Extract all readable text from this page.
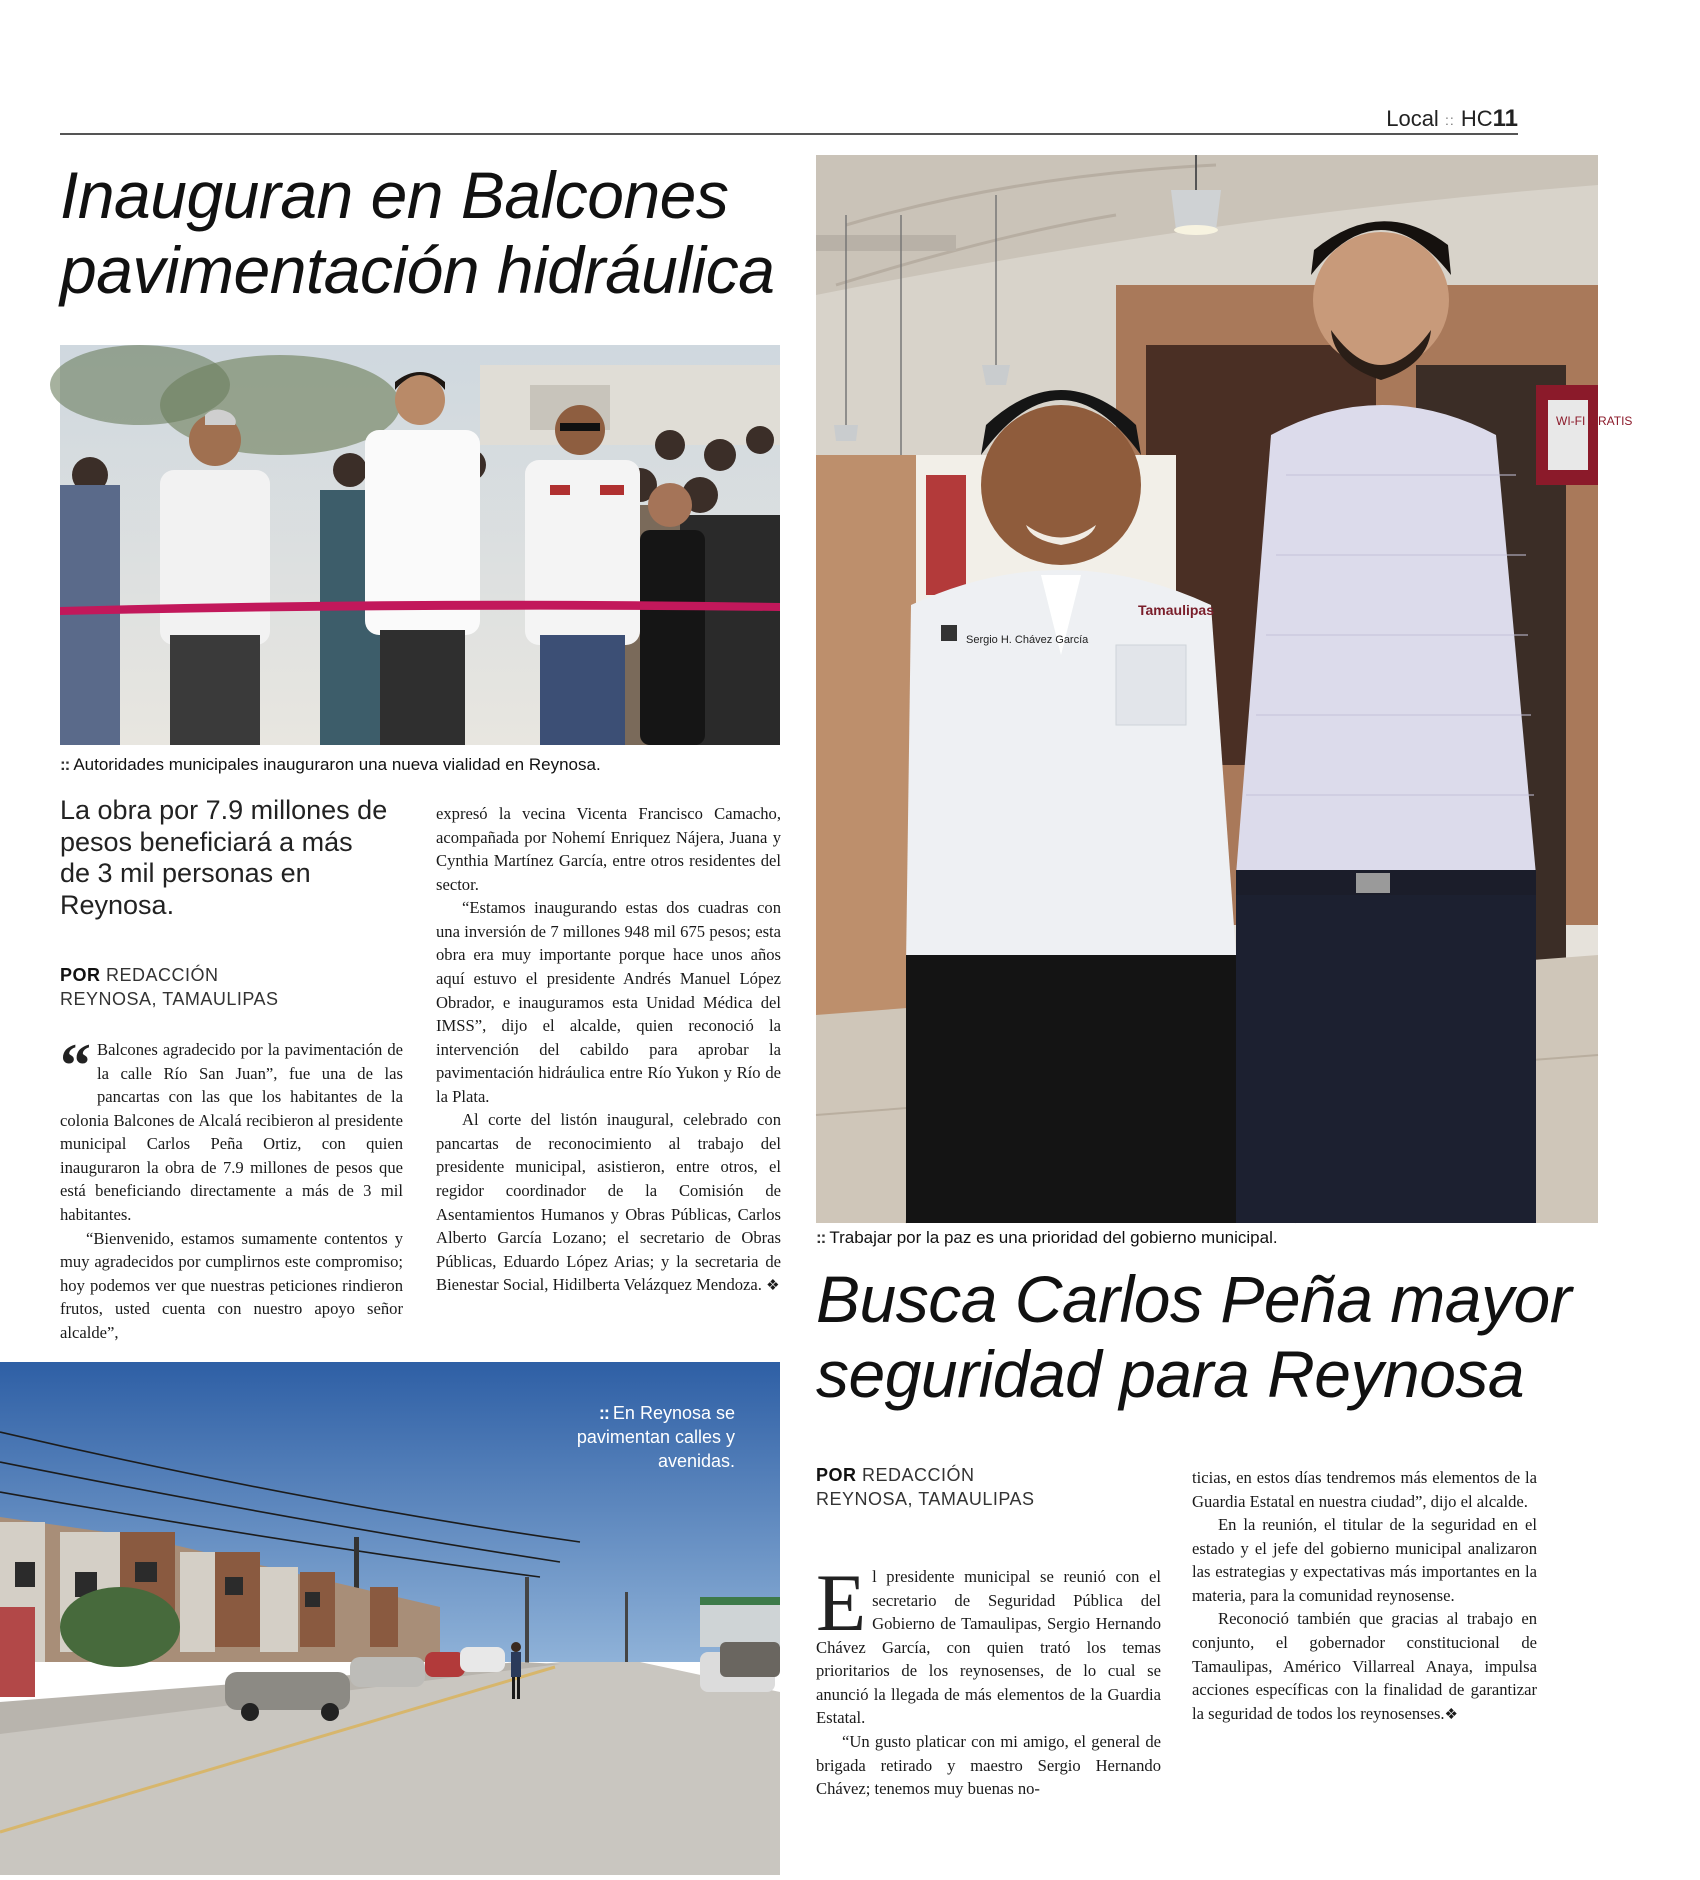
Local :: HC11
Inauguran en Balcones pavimentación hidráulica
:: Autoridades municipales inauguraron una nueva vialidad en Reynosa.
La obra por 7.9 millones de pesos beneficiará a más de 3 mil personas en Reynosa.
POR REDACCIÓN
REYNOSA, TAMAULIPAS
“ Balcones agradecido por la pavimentación de la calle Río San Juan”, fue una de las pancartas con las que los habitantes de la colonia Balcones de Alcalá recibieron al presidente municipal Carlos Peña Ortiz, con quien inauguraron la obra de 7.9 millones de pesos que está beneficiando directamente a más de 3 mil habitantes.

“Bienvenido, estamos sumamente contentos y muy agradecidos por cumplirnos este compromiso; hoy podemos ver que nuestras peticiones rindieron frutos, usted cuenta con nuestro apoyo señor alcalde”,

expresó la vecina Vicenta Francisco Camacho, acompañada por Nohemí Enriquez Nájera, Juana y Cynthia Martínez García, entre otros residentes del sector.

“Estamos inaugurando estas dos cuadras con una inversión de 7 millones 948 mil 675 pesos; esta obra era muy importante porque hace unos años aquí estuvo el presidente Andrés Manuel López Obrador, e inauguramos esta Unidad Médica del IMSS”, dijo el alcalde, quien reconoció la intervención del cabildo para aprobar la pavimentación hidráulica entre Río Yukon y Río de la Plata.

Al corte del listón inaugural, celebrado con pancartas de reconocimiento al trabajo del presidente municipal, asistieron, entre otros, el regidor coordinador de la Comisión de Asentamientos Humanos y Obras Públicas, Carlos Alberto García Lozano; el secretario de Obras Públicas, Eduardo López Arias; y la secretaria de Bienestar Social, Hidilberta Velázquez Mendoza. ❖

:: En Reynosa se pavimentan calles y avenidas.
WI-FI GRATIS
Sergio H. Chávez García
Tamaulipas
:: Trabajar por la paz es una prioridad del gobierno municipal.
Busca Carlos Peña mayor seguridad para Reynosa
POR REDACCIÓN
REYNOSA, TAMAULIPAS
E l presidente municipal se reunió con el secretario de Seguridad Pública del Gobierno de Tamaulipas, Sergio Hernando Chávez García, con quien trató los temas prioritarios de los reynosenses, de lo cual se anunció la llegada de más elementos de la Guardia Estatal.

“Un gusto platicar con mi amigo, el general de brigada retirado y maestro Sergio Hernando Chávez; tenemos muy buenas no-

ticias, en estos días tendremos más elementos de la Guardia Estatal en nuestra ciudad”, dijo el alcalde.

En la reunión, el titular de la seguridad en el estado y el jefe del gobierno municipal analizaron las estrategias y expectativas más importantes en la materia, para la comunidad reynosense.

Reconoció también que gracias al trabajo en conjunto, el gobernador constitucional de Tamaulipas, Américo Villarreal Anaya, impulsa acciones específicas con la finalidad de garantizar la seguridad de todos los reynosenses.❖
